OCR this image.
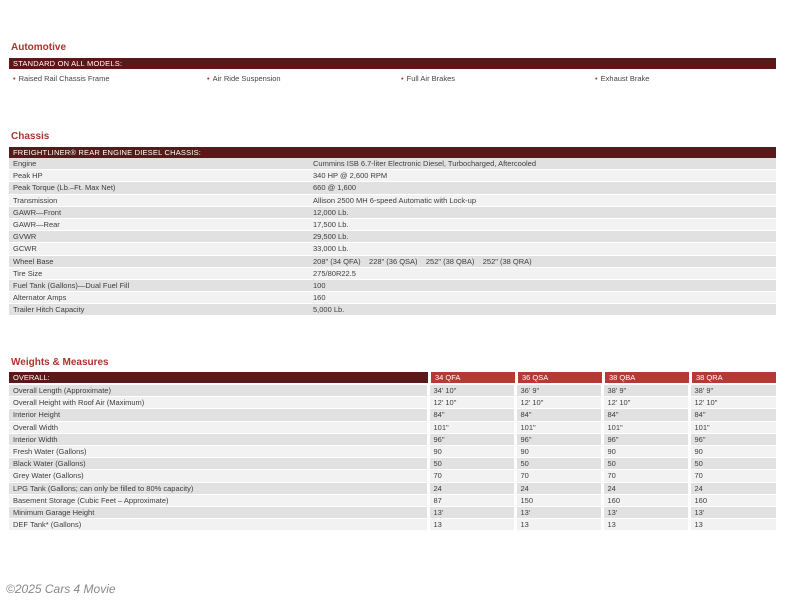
Automotive
STANDARD ON ALL MODELS:
• Raised Rail Chassis Frame	• Air Ride Suspension	• Full Air Brakes	• Exhaust Brake
Chassis
FREIGHTLINER® REAR ENGINE DIESEL CHASSIS:
Engine	Cummins ISB 6.7-liter Electronic Diesel, Turbocharged, Aftercooled
Peak HP	340 HP @ 2,600 RPM
Peak Torque (Lb.–Ft. Max Net)	660 @ 1,600
Transmission	Allison 2500 MH 6-speed Automatic with Lock-up
GAWR—Front	12,000 Lb.
GAWR—Rear	17,500 Lb.
GVWR	29,500 Lb.
GCWR	33,000 Lb.
Wheel Base	208" (34 QFA)    228" (36 QSA)    252" (38 QBA)    252" (38 QRA)
Tire Size	275/80R22.5
Fuel Tank (Gallons)—Dual Fuel Fill	100
Alternator Amps	160
Trailer Hitch Capacity	5,000 Lb.
Weights & Measures
OVERALL:	34 QFA	36 QSA	38 QBA	38 QRA
Overall Length (Approximate)	34' 10"	36' 9"	38' 9"	38' 9"
Overall Height with Roof Air (Maximum)	12' 10"	12' 10"	12' 10"	12' 10"
Interior Height	84"	84"	84"	84"
Overall Width	101"	101"	101"	101"
Interior Width	96"	96"	96"	96"
Fresh Water (Gallons)	90	90	90	90
Black Water (Gallons)	50	50	50	50
Grey Water (Gallons)	70	70	70	70
LPG Tank (Gallons; can only be filled to 80% capacity)	24	24	24	24
Basement Storage (Cubic Feet – Approximate)	87	150	160	160
Minimum Garage Height	13'	13'	13'	13'
DEF Tank* (Gallons)	13	13	13	13
©2025 Cars 4 Movie
